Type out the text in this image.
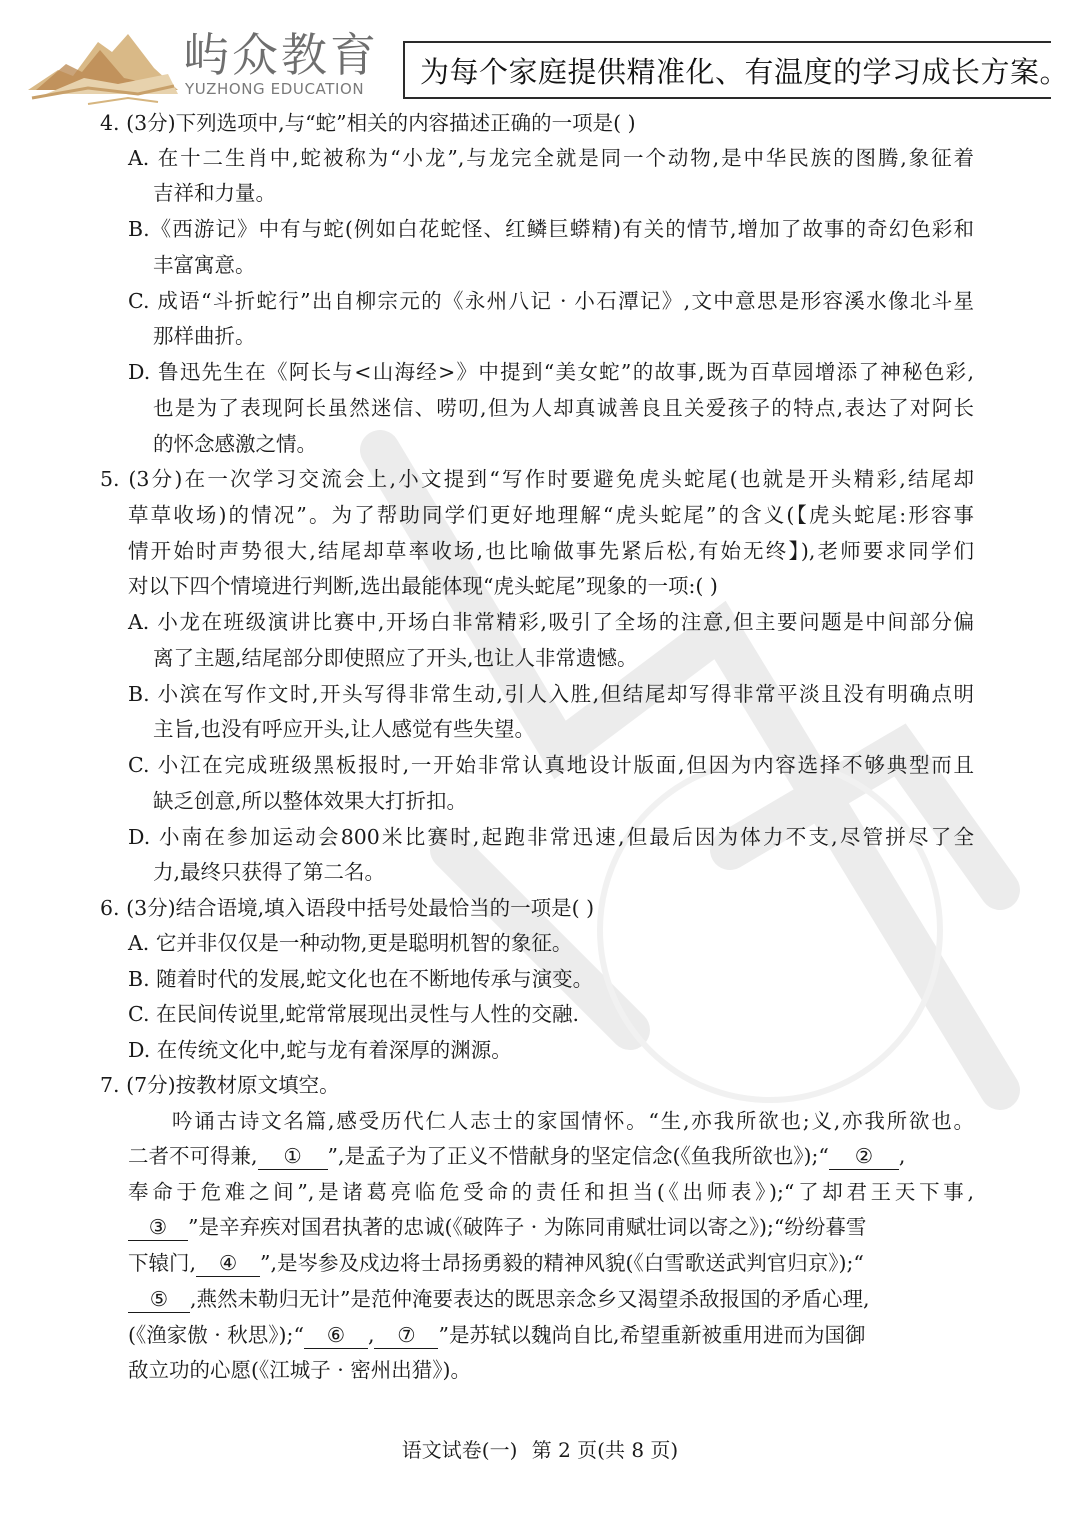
屿众教育
YUZHONG EDUCATION 为每个家庭提供精准化、有温度的学习成长方案。
4. (3分)下列选项中,与“蛇”相关的内容描述正确的一项是( )
A. 在十二生肖中,蛇被称为“小龙”,与龙完全就是同一个动物,是中华民族的图腾,象征着
吉祥和力量。
B.《西游记》中有与蛇(例如白花蛇怪、红鳞巨蟒精)有关的情节,增加了故事的奇幻色彩和
丰富寓意。
C. 成语“斗折蛇行”出自柳宗元的《永州八记 · 小石潭记》,文中意思是形容溪水像北斗星
那样曲折。
D. 鲁迅先生在《阿长与<山海经>》中提到“美女蛇”的故事,既为百草园增添了神秘色彩,
也是为了表现阿长虽然迷信、唠叨,但为人却真诚善良且关爱孩子的特点,表达了对阿长
的怀念感激之情。
5. (3分)在一次学习交流会上,小文提到“写作时要避免虎头蛇尾(也就是开头精彩,结尾却
草草收场)的情况”。为了帮助同学们更好地理解“虎头蛇尾”的含义(【虎头蛇尾:形容事
情开始时声势很大,结尾却草率收场,也比喻做事先紧后松,有始无终】),老师要求同学们
对以下四个情境进行判断,选出最能体现“虎头蛇尾”现象的一项:( )
A. 小龙在班级演讲比赛中,开场白非常精彩,吸引了全场的注意,但主要问题是中间部分偏
离了主题,结尾部分即使照应了开头,也让人非常遗憾。
B. 小滨在写作文时,开头写得非常生动,引人入胜,但结尾却写得非常平淡且没有明确点明
主旨,也没有呼应开头,让人感觉有些失望。
C. 小江在完成班级黑板报时,一开始非常认真地设计版面,但因为内容选择不够典型而且
缺乏创意,所以整体效果大打折扣。
D. 小南在参加运动会800米比赛时,起跑非常迅速,但最后因为体力不支,尽管拼尽了全
力,最终只获得了第二名。
6. (3分)结合语境,填入语段中括号处最恰当的一项是( )
A. 它并非仅仅是一种动物,更是聪明机智的象征。
B. 随着时代的发展,蛇文化也在不断地传承与演变。
C. 在民间传说里,蛇常常展现出灵性与人性的交融.
D. 在传统文化中,蛇与龙有着深厚的渊源。
7. (7分)按教材原文填空。
吟诵古诗文名篇,感受历代仁人志士的家国情怀。“生,亦我所欲也;义,亦我所欲也。
二者不可得兼, ① ”,是孟子为了正义不惜献身的坚定信念(《鱼我所欲也》);“ ② ,
奉命于危难之间”,是诸葛亮临危受命的责任和担当(《出师表》);“了却君王天下事,
③ ”是辛弃疾对国君执著的忠诚(《破阵子 · 为陈同甫赋壮词以寄之》);“纷纷暮雪
下辕门, ④ ”,是岑参及戍边将士昂扬勇毅的精神风貌(《白雪歌送武判官归京》);“
⑤ ,燕然未勒归无计”是范仲淹要表达的既思亲念乡又渴望杀敌报国的矛盾心理,
(《渔家傲 · 秋思》);“ ⑥ , ⑦ ”是苏轼以魏尚自比,希望重新被重用进而为国御
敌立功的心愿(《江城子 · 密州出猎》)。
语文试卷(一) 第 2 页(共 8 页)
